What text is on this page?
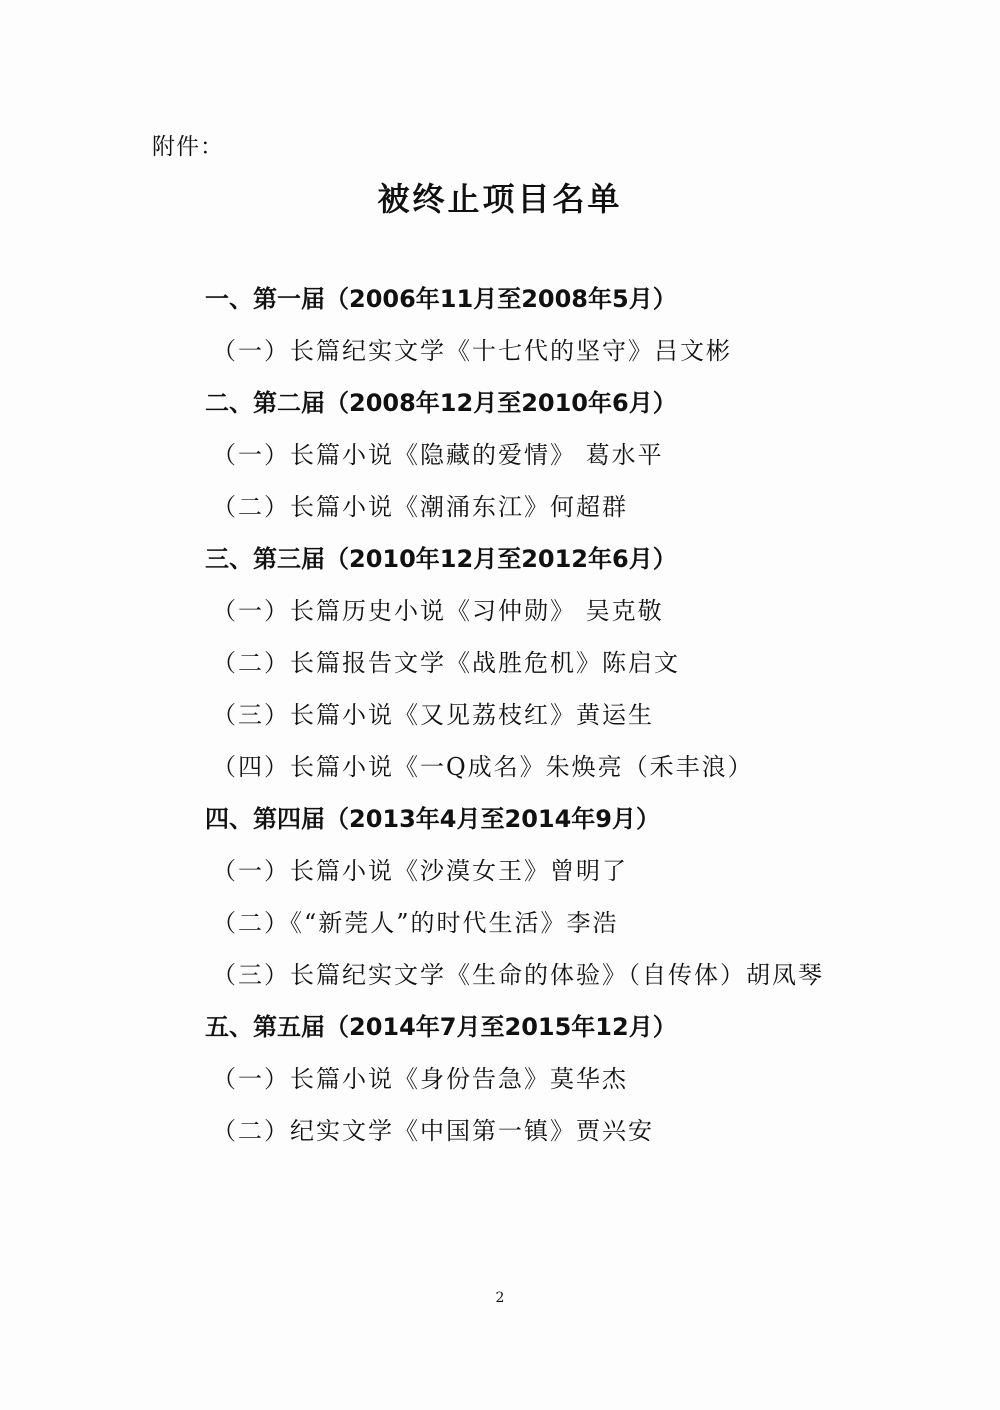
附件：
被终止项目名单
一、第一届（2006年11月至2008年5月）
（一）长篇纪实文学《十七代的坚守》吕文彬
二、第二届（2008年12月至2010年6月）
（一）长篇小说《隐藏的爱情》 葛水平
（二）长篇小说《潮涌东江》何超群
三、第三届（2010年12月至2012年6月）
（一）长篇历史小说《习仲勋》 吴克敬
（二）长篇报告文学《战胜危机》陈启文
（三）长篇小说《又见荔枝红》黄运生
（四）长篇小说《一Q成名》朱焕亮（禾丰浪）
四、第四届（2013年4月至2014年9月）
（一）长篇小说《沙漠女王》曾明了
（二）《“新莞人”的时代生活》李浩
（三）长篇纪实文学《生命的体验》（自传体）胡凤琴
五、第五届（2014年7月至2015年12月）
（一）长篇小说《身份告急》莫华杰
（二）纪实文学《中国第一镇》贾兴安
2
